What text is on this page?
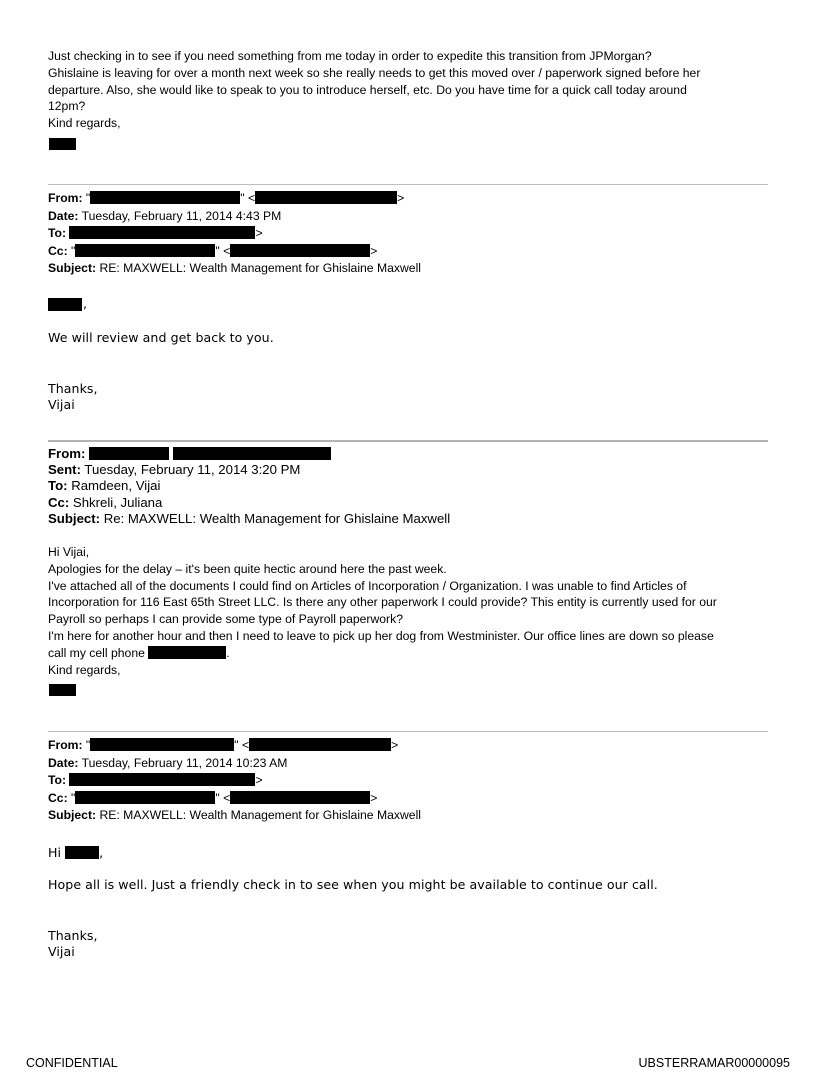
Just checking in to see if you need something from me today in order to expedite this transition from JPMorgan?
Ghislaine is leaving for over a month next week so she really needs to get this moved over / paperwork signed before her
departure. Also, she would like to speak to you to introduce herself, etc. Do you have time for a quick call today around
12pm?
Kind regards,
From: "	" <	>
Date: Tuesday, February 11, 2014 4:43 PM
To:	>
Cc: "	" <	>
Subject: RE: MAXWELL: Wealth Management for Ghislaine Maxwell
,
We will review and get back to you.
Thanks,
Vijai
From:
Sent: Tuesday, February 11, 2014 3:20 PM
To: Ramdeen, Vijai
Cc: Shkreli, Juliana
Subject: Re: MAXWELL: Wealth Management for Ghislaine Maxwell
Hi Vijai,
Apologies for the delay – it's been quite hectic around here the past week.
I've attached all of the documents I could find on Articles of Incorporation / Organization. I was unable to find Articles of
Incorporation for 116 East 65th Street LLC. Is there any other paperwork I could provide? This entity is currently used for our
Payroll so perhaps I can provide some type of Payroll paperwork?
I'm here for another hour and then I need to leave to pick up her dog from Westminister. Our office lines are down so please
call my cell phone	.
Kind regards,
From: "	" <	>
Date: Tuesday, February 11, 2014 10:23 AM
To:	>
Cc: "	" <	>
Subject: RE: MAXWELL: Wealth Management for Ghislaine Maxwell
Hi	,
Hope all is well. Just a friendly check in to see when you might be available to continue our call.
Thanks,
Vijai
CONFIDENTIAL	UBSTERRAMAR00000095
